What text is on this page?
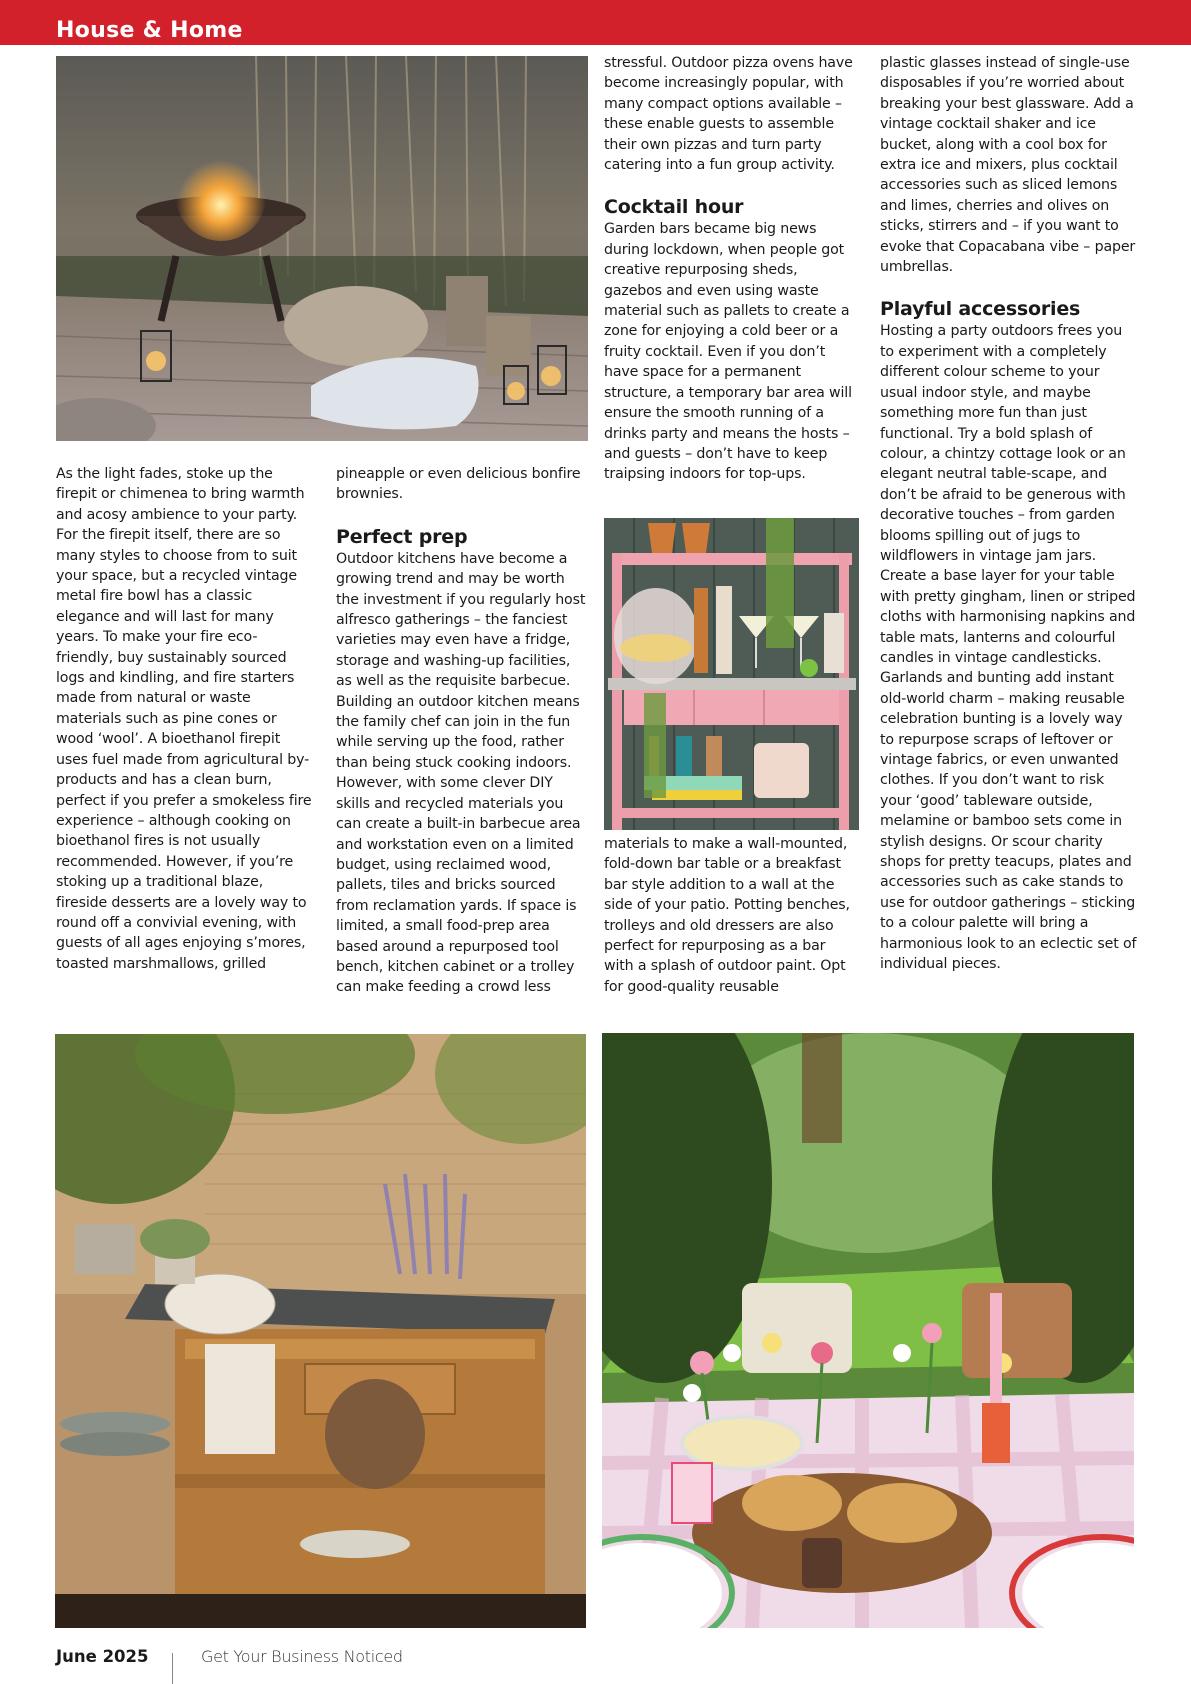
House & Home

As the light fades, stoke up the firepit or chimenea to bring warmth and acosy ambience to your party.

For the firepit itself, there are so many styles to choose from to suit your space, but a recycled vintage metal fire bowl has a classic elegance and will last for many years. To make your fire eco-friendly, buy sustainably sourced logs and kindling, and fire starters made from natural or waste materials such as pine cones or wood ‘wool’. A bioethanol firepit uses fuel made from agricultural by-products and has a clean burn, perfect if you prefer a smokeless fire experience – although cooking on bioethanol fires is not usually recommended. However, if you’re stoking up a traditional blaze, fireside desserts are a lovely way to round off a convivial evening, with guests of all ages enjoying s’mores, toasted marshmallows, grilled

pineapple or even delicious bonfire brownies.

Perfect prep

Outdoor kitchens have become a growing trend and may be worth the investment if you regularly host alfresco gatherings – the fanciest varieties may even have a fridge, storage and washing-up facilities, as well as the requisite barbecue. Building an outdoor kitchen means the family chef can join in the fun while serving up the food, rather than being stuck cooking indoors. However, with some clever DIY skills and recycled materials you can create a built-in barbecue area and workstation even on a limited budget, using reclaimed wood, pallets, tiles and bricks sourced from reclamation yards. If space is limited, a small food-prep area based around a repurposed tool bench, kitchen cabinet or a trolley can make feeding a crowd less

stressful. Outdoor pizza ovens have become increasingly popular, with many compact options available – these enable guests to assemble their own pizzas and turn party catering into a fun group activity.

Cocktail hour

Garden bars became big news during lockdown, when people got creative repurposing sheds, gazebos and even using waste material such as pallets to create a zone for enjoying a cold beer or a fruity cocktail. Even if you don’t have space for a permanent structure, a temporary bar area will ensure the smooth running of a drinks party and means the hosts – and guests – don’t have to keep traipsing indoors for top-ups.

materials to make a wall-mounted, fold-down bar table or a breakfast bar style addition to a wall at the side of your patio. Potting benches, trolleys and old dressers are also perfect for repurposing as a bar with a splash of outdoor paint. Opt for good-quality reusable

plastic glasses instead of single-use disposables if you’re worried about breaking your best glassware. Add a vintage cocktail shaker and ice bucket, along with a cool box for extra ice and mixers, plus cocktail accessories such as sliced lemons and limes, cherries and olives on sticks, stirrers and – if you want to evoke that Copacabana vibe – paper umbrellas.

Playful accessories

Hosting a party outdoors frees you to experiment with a completely different colour scheme to your usual indoor style, and maybe something more fun than just functional. Try a bold splash of colour, a chintzy cottage look or an elegant neutral table-scape, and don’t be afraid to be generous with decorative touches – from garden blooms spilling out of jugs to wildflowers in vintage jam jars. Create a base layer for your table with pretty gingham, linen or striped cloths with harmonising napkins and table mats, lanterns and colourful candles in vintage candlesticks. Garlands and bunting add instant old-world charm – making reusable celebration bunting is a lovely way to repurpose scraps of leftover or vintage fabrics, or even unwanted clothes. If you don’t want to risk your ‘good’ tableware outside, melamine or bamboo sets come in stylish designs. Or scour charity shops for pretty teacups, plates and accessories such as cake stands to use for outdoor gatherings – sticking to a colour palette will bring a harmonious look to an eclectic set of individual pieces.

June 2025	Get Your Business Noticed
